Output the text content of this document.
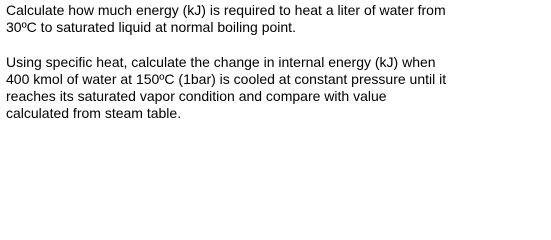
Calculate how much energy (kJ) is required to heat a liter of water from
30ºC to saturated liquid at normal boiling point.

Using specific heat, calculate the change in internal energy (kJ) when
400 kmol of water at 150ºC (1bar) is cooled at constant pressure until it
reaches its saturated vapor condition and compare with value
calculated from steam table.
